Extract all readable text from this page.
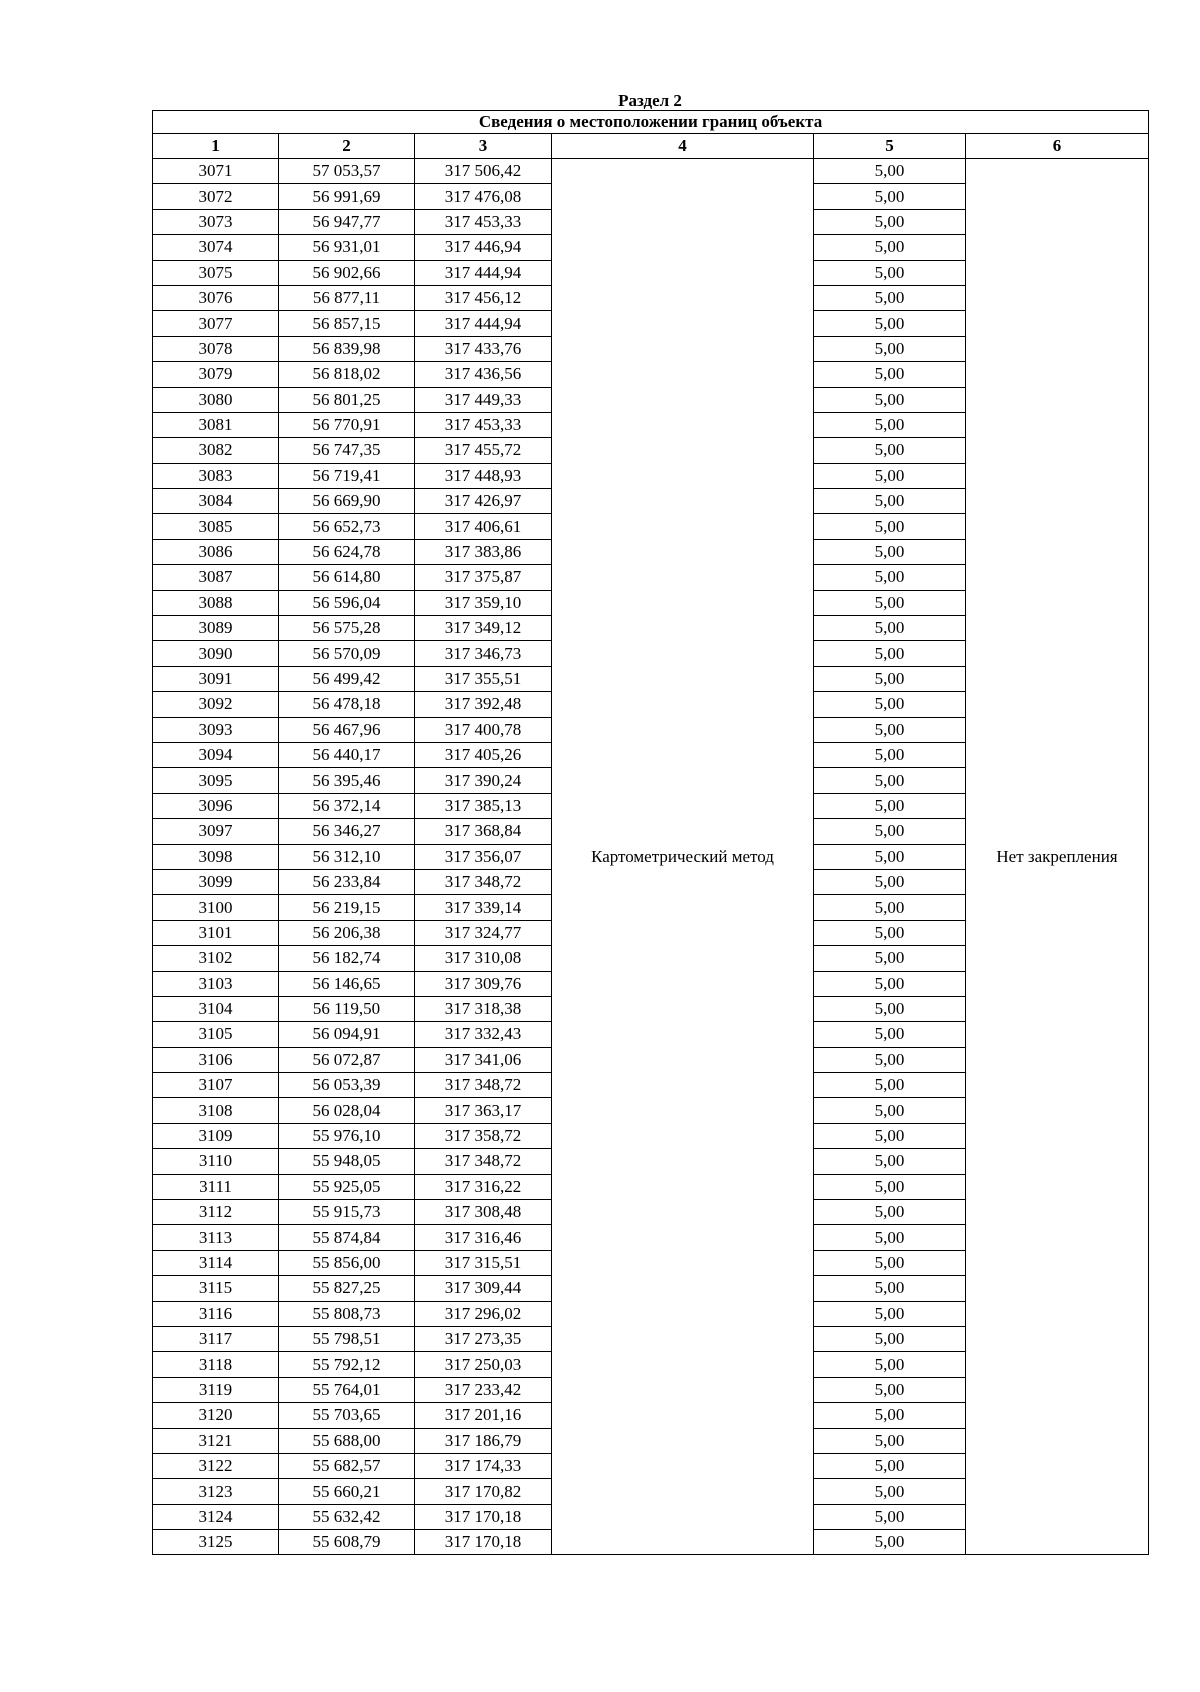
Раздел 2
Сведения о местоположении границ объекта					
1	2	3	4	5	6
3071	57 053,57	317 506,42	Картометрический метод	5,00	Нет закрепления
3072	56 991,69	317 476,08		5,00	
3073	56 947,77	317 453,33		5,00	
3074	56 931,01	317 446,94		5,00	
3075	56 902,66	317 444,94		5,00	
3076	56 877,11	317 456,12		5,00	
3077	56 857,15	317 444,94		5,00	
3078	56 839,98	317 433,76		5,00	
3079	56 818,02	317 436,56		5,00	
3080	56 801,25	317 449,33		5,00	
3081	56 770,91	317 453,33		5,00	
3082	56 747,35	317 455,72		5,00	
3083	56 719,41	317 448,93		5,00	
3084	56 669,90	317 426,97		5,00	
3085	56 652,73	317 406,61		5,00	
3086	56 624,78	317 383,86		5,00	
3087	56 614,80	317 375,87		5,00	
3088	56 596,04	317 359,10		5,00	
3089	56 575,28	317 349,12		5,00	
3090	56 570,09	317 346,73		5,00	
3091	56 499,42	317 355,51		5,00	
3092	56 478,18	317 392,48		5,00	
3093	56 467,96	317 400,78		5,00	
3094	56 440,17	317 405,26		5,00	
3095	56 395,46	317 390,24		5,00	
3096	56 372,14	317 385,13		5,00	
3097	56 346,27	317 368,84		5,00	
3098	56 312,10	317 356,07		5,00	
3099	56 233,84	317 348,72		5,00	
3100	56 219,15	317 339,14		5,00	
3101	56 206,38	317 324,77		5,00	
3102	56 182,74	317 310,08		5,00	
3103	56 146,65	317 309,76		5,00	
3104	56 119,50	317 318,38		5,00	
3105	56 094,91	317 332,43		5,00	
3106	56 072,87	317 341,06		5,00	
3107	56 053,39	317 348,72		5,00	
3108	56 028,04	317 363,17		5,00	
3109	55 976,10	317 358,72		5,00	
3110	55 948,05	317 348,72		5,00	
3111	55 925,05	317 316,22		5,00	
3112	55 915,73	317 308,48		5,00	
3113	55 874,84	317 316,46		5,00	
3114	55 856,00	317 315,51		5,00	
3115	55 827,25	317 309,44		5,00	
3116	55 808,73	317 296,02		5,00	
3117	55 798,51	317 273,35		5,00	
3118	55 792,12	317 250,03		5,00	
3119	55 764,01	317 233,42		5,00	
3120	55 703,65	317 201,16		5,00	
3121	55 688,00	317 186,79		5,00	
3122	55 682,57	317 174,33		5,00	
3123	55 660,21	317 170,82		5,00	
3124	55 632,42	317 170,18		5,00	
3125	55 608,79	317 170,18		5,00	
